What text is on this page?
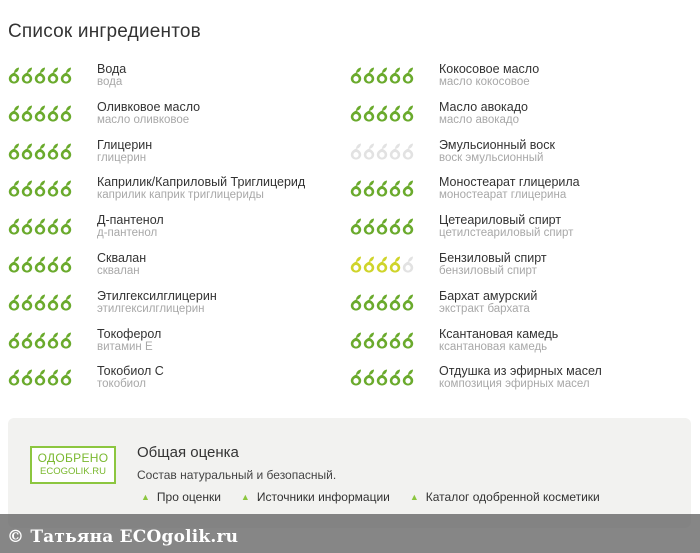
Список ингредиентов
Вода
вода
Оливковое масло
масло оливковое
Глицерин
глицерин
Каприлик/Каприловый Триглицерид
каприлик каприк триглицериды
Д-пантенол
д-пантенол
Сквалан
сквалан
Этилгексилглицерин
этилгексилглицерин
Токоферол
витамин Е
Токобиол С
токобиол
Кокосовое масло
масло кокосовое
Масло авокадо
масло авокадо
Эмульсионный воск
воск эмульсионный
Моностеарат глицерила
моностеарат глицерина
Цетеариловый спирт
цетилстеариловый спирт
Бензиловый спирт
бензиловый спирт
Бархат амурский
экстракт бархата
Ксантановая камедь
ксантановая камедь
Отдушка из эфирных масел
композиция эфирных масел
ОДОБРЕНО
ECOGOLIK.RU
Общая оценка
Состав натуральный и безопасный.
▲ Про оценки ▲ Источники информации ▲ Каталог одобренной косметики
© Татьяна ECOgolik.ru
